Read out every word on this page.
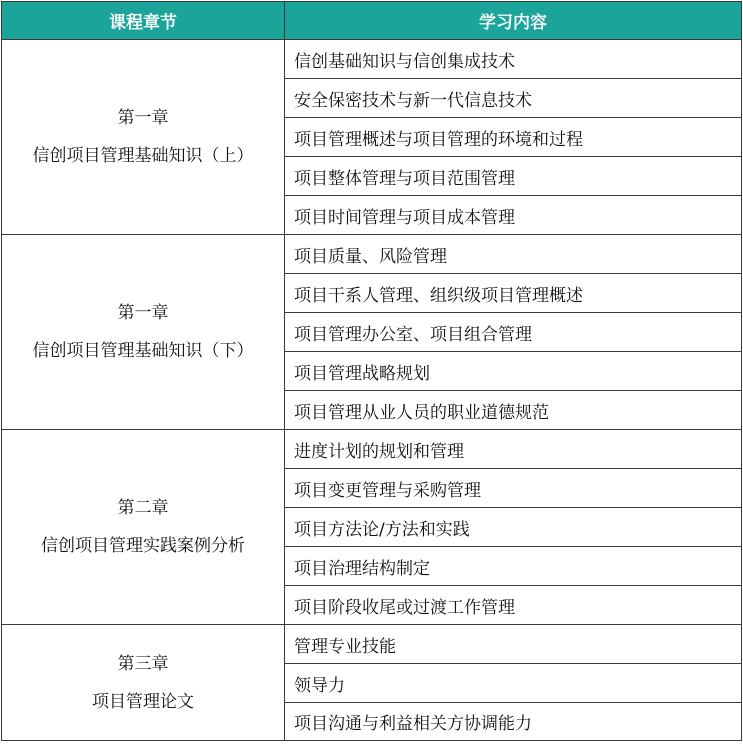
课程章节	学习内容

第一章
信创项目管理基础知识（上）	信创基础知识与信创集成技术
	安全保密技术与新一代信息技术
	项目管理概述与项目管理的环境和过程
	项目整体管理与项目范围管理
	项目时间管理与项目成本管理

第一章
信创项目管理基础知识（下）	项目质量、风险管理
	项目干系人管理、组织级项目管理概述
	项目管理办公室、项目组合管理
	项目管理战略规划
	项目管理从业人员的职业道德规范

第二章
信创项目管理实践案例分析	进度计划的规划和管理
	项目变更管理与采购管理
	项目方法论/方法和实践
	项目治理结构制定
	项目阶段收尾或过渡工作管理

第三章
项目管理论文	管理专业技能
	领导力
	项目沟通与利益相关方协调能力
